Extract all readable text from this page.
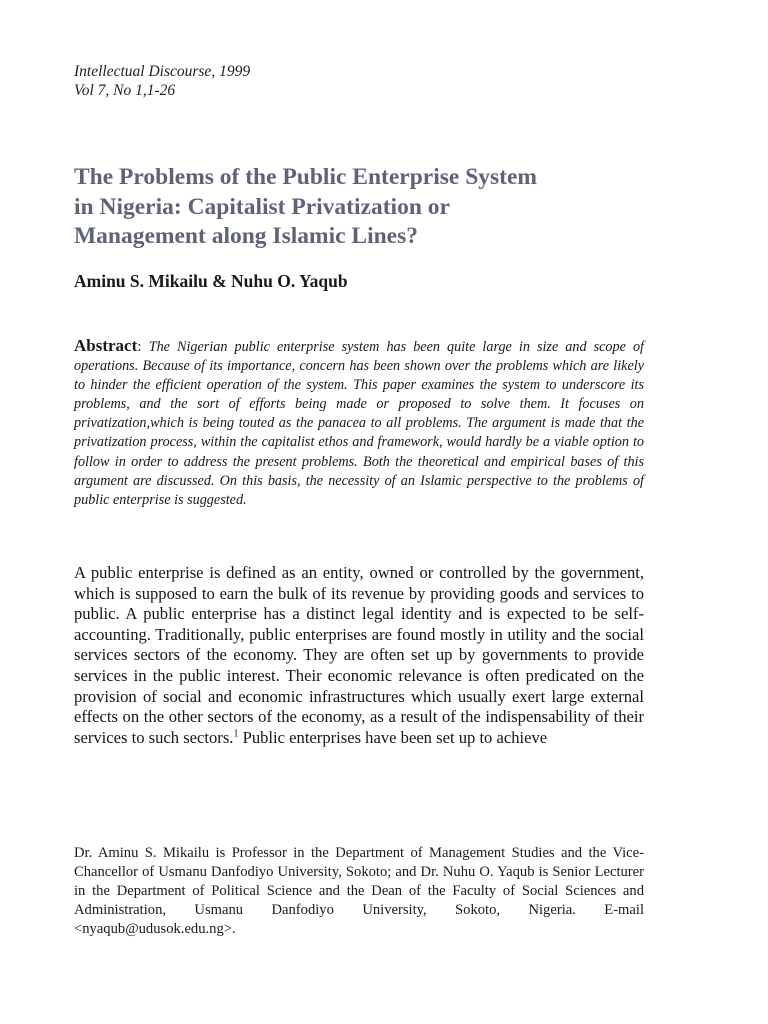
Intellectual Discourse, 1999
Vol 7, No 1,1-26
The Problems of the Public Enterprise System
in Nigeria: Capitalist Privatization or
Management along Islamic Lines?
Aminu S. Mikailu & Nuhu O. Yaqub
Abstract: The Nigerian public enterprise system has been quite large in size and scope of operations. Because of its importance, concern has been shown over the problems which are likely to hinder the efficient operation of the system. This paper examines the system to underscore its problems, and the sort of efforts being made or proposed to solve them. It focuses on privatization,which is being touted as the panacea to all problems. The argument is made that the privatization process, within the capitalist ethos and framework, would hardly be a viable option to follow in order to address the present problems. Both the theoretical and empirical bases of this argument are discussed. On this basis, the necessity of an Islamic perspective to the problems of public enterprise is suggested.
A public enterprise is defined as an entity, owned or controlled by the government, which is supposed to earn the bulk of its revenue by providing goods and services to public. A public enterprise has a distinct legal identity and is expected to be self-accounting. Traditionally, public enterprises are found mostly in utility and the social services sectors of the economy. They are often set up by governments to provide services in the public interest. Their economic relevance is often predicated on the provision of social and economic infrastructures which usually exert large external effects on the other sectors of the economy, as a result of the indispensability of their services to such sectors.$^1$ Public enterprises have been set up to achieve
Dr. Aminu S. Mikailu is Professor in the Department of Management Studies and the Vice-Chancellor of Usmanu Danfodiyo University, Sokoto; and Dr. Nuhu O. Yaqub is Senior Lecturer in the Department of Political Science and the Dean of the Faculty of Social Sciences and Administration, Usmanu Danfodiyo University, Sokoto, Nigeria. E-mail <nyaqub@udusok.edu.ng>.
